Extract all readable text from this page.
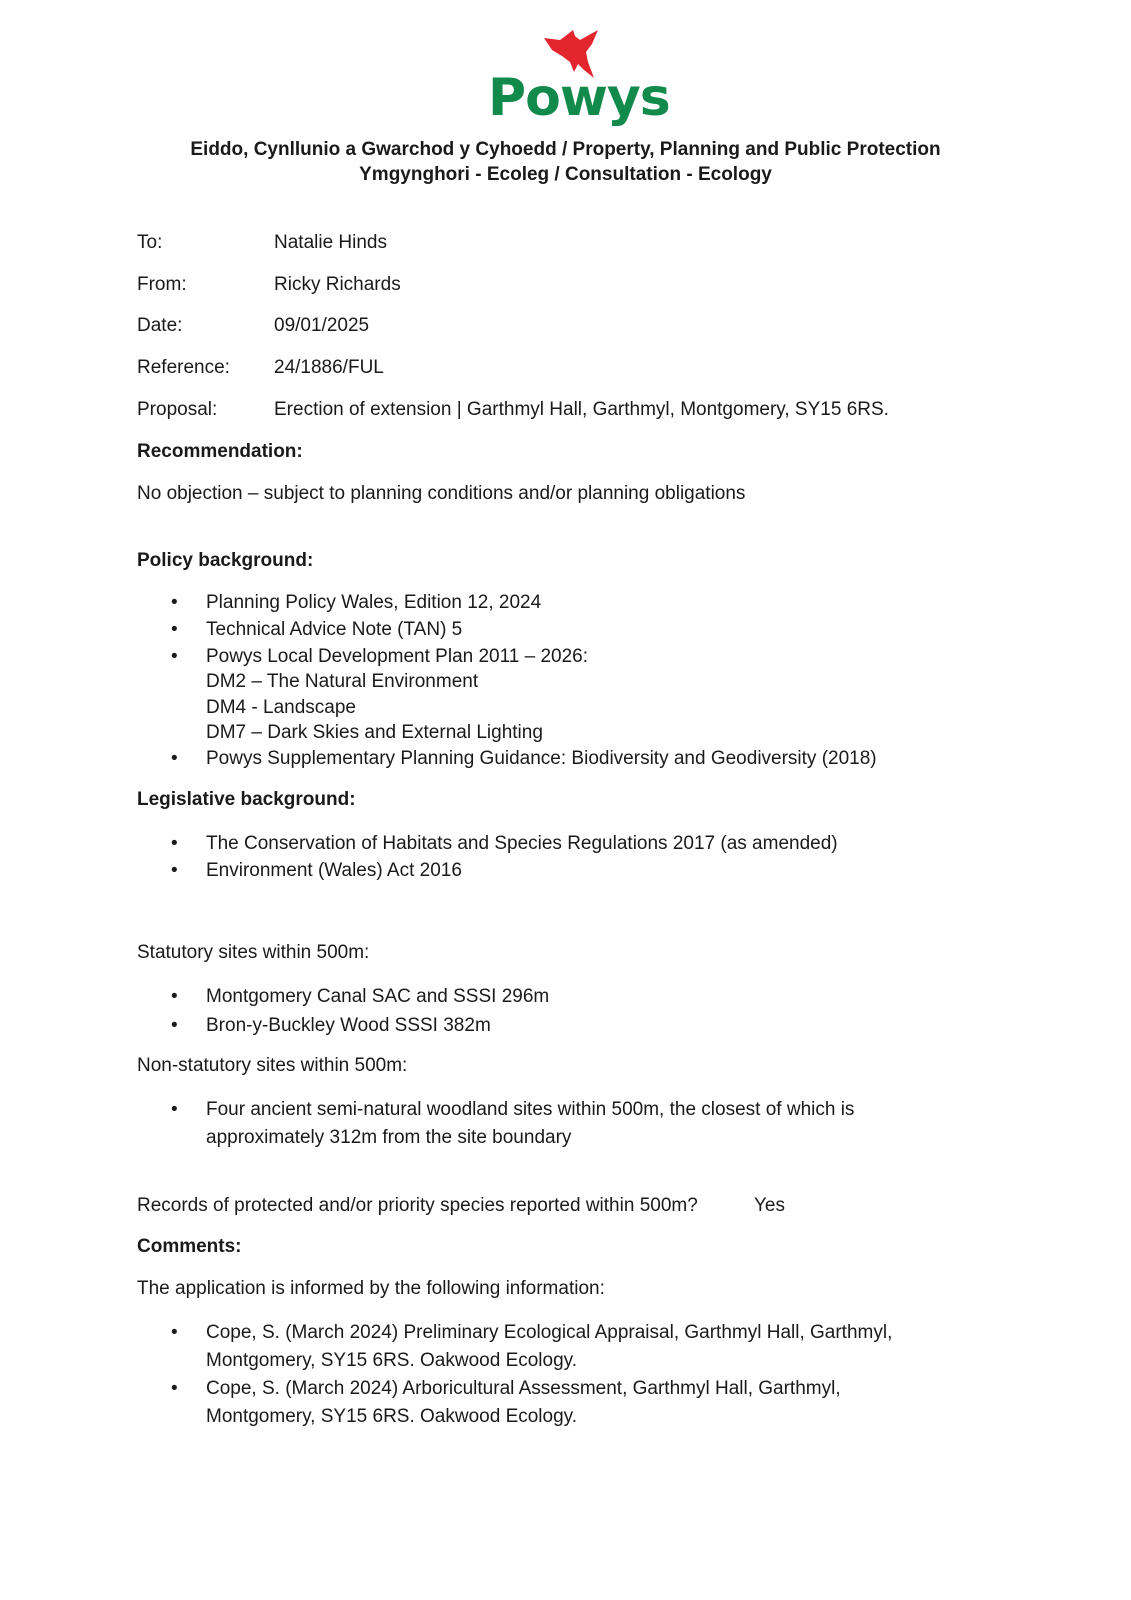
Powys
Eiddo, Cynllunio a Gwarchod y Cyhoedd / Property, Planning and Public Protection
Ymgynghori - Ecoleg / Consultation - Ecology
To:	Natalie Hinds
From:	Ricky Richards
Date:	09/01/2025
Reference: 24/1886/FUL
Proposal:	Erection of extension | Garthmyl Hall, Garthmyl, Montgomery, SY15 6RS.
Recommendation:
No objection – subject to planning conditions and/or planning obligations
Policy background:
• Planning Policy Wales, Edition 12, 2024
• Technical Advice Note (TAN) 5
• Powys Local Development Plan 2011 – 2026:
DM2 – The Natural Environment
DM4 - Landscape
DM7 – Dark Skies and External Lighting
• Powys Supplementary Planning Guidance: Biodiversity and Geodiversity (2018)
Legislative background:
• The Conservation of Habitats and Species Regulations 2017 (as amended)
• Environment (Wales) Act 2016
Statutory sites within 500m:
• Montgomery Canal SAC and SSSI 296m
• Bron-y-Buckley Wood SSSI 382m
Non-statutory sites within 500m:
• Four ancient semi-natural woodland sites within 500m, the closest of which is
approximately 312m from the site boundary
Records of protected and/or priority species reported within 500m?	Yes
Comments:
The application is informed by the following information:
• Cope, S. (March 2024) Preliminary Ecological Appraisal, Garthmyl Hall, Garthmyl,
Montgomery, SY15 6RS. Oakwood Ecology.
• Cope, S. (March 2024) Arboricultural Assessment, Garthmyl Hall, Garthmyl,
Montgomery, SY15 6RS. Oakwood Ecology.
